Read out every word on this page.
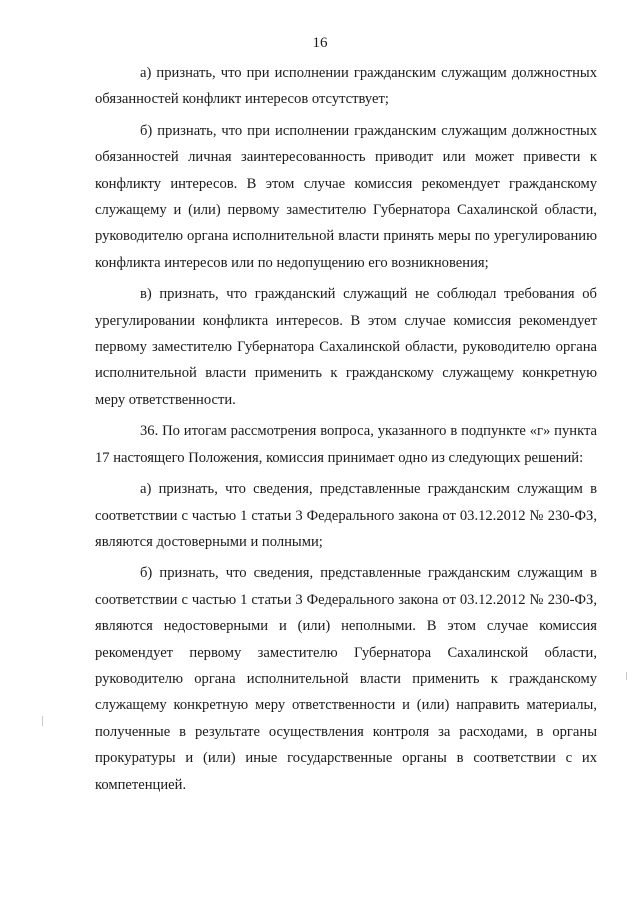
16

а) признать, что при исполнении гражданским служащим должностных обязанностей конфликт интересов отсутствует;

б) признать, что при исполнении гражданским служащим должностных обязанностей личная заинтересованность приводит или может привести к конфликту интересов. В этом случае комиссия рекомендует гражданскому служащему и (или) первому заместителю Губернатора Сахалинской области, руководителю органа исполнительной власти принять меры по урегулированию конфликта интересов или по недопущению его возникновения;

в) признать, что гражданский служащий не соблюдал требования об урегулировании конфликта интересов. В этом случае комиссия рекомендует первому заместителю Губернатора Сахалинской области, руководителю органа исполнительной власти применить к гражданскому служащему конкретную меру ответственности.

36. По итогам рассмотрения вопроса, указанного в подпункте «г» пункта 17 настоящего Положения, комиссия принимает одно из следующих решений:

а) признать, что сведения, представленные гражданским служащим в соответствии с частью 1 статьи 3 Федерального закона от 03.12.2012 № 230-ФЗ, являются достоверными и полными;

б) признать, что сведения, представленные гражданским служащим в соответствии с частью 1 статьи 3 Федерального закона от 03.12.2012 № 230-ФЗ, являются недостоверными и (или) неполными. В этом случае комиссия рекомендует первому заместителю Губернатора Сахалинской области, руководителю органа исполнительной власти применить к гражданскому служащему конкретную меру ответственности и (или) направить материалы, полученные в результате осуществления контроля за расходами, в органы прокуратуры и (или) иные государственные органы в соответствии с их компетенцией.
